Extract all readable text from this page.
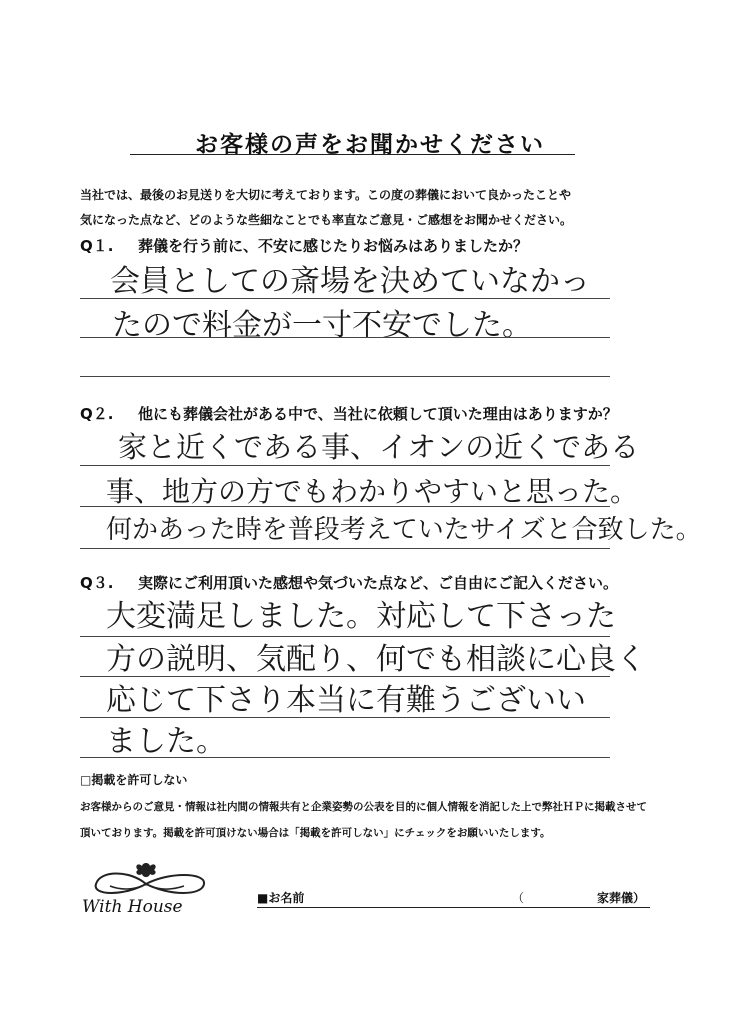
お客様の声をお聞かせください
当社では、最後のお見送りを大切に考えております。この度の葬儀において良かったことや
気になった点など、どのような些細なことでも率直なご意見・ご感想をお聞かせください。
Q１. 葬儀を行う前に、不安に感じたりお悩みはありましたか？
会員としての斎場を決めていなかっ
たので料金が一寸不安でした。
Q２. 他にも葬儀会社がある中で、当社に依頼して頂いた理由はありますか？
家と近くである事、イオンの近くである
事、地方の方でもわかりやすいと思った。
何かあった時を普段考えていたサイズと合致した。
Q３. 実際にご利用頂いた感想や気づいた点など、ご自由にご記入ください。
大変満足しました。対応して下さった
方の説明、気配り、何でも相談に心良く
応じて下さり本当に有難うございい
ました。
□掲載を許可しない
お客様からのご意見・情報は社内間の情報共有と企業姿勢の公表を目的に個人情報を消記した上で弊社ＨＰに掲載させて
頂いております。掲載を許可頂けない場合は「掲載を許可しない」にチェックをお願いいたします。
With House	■お名前	（	家葬儀）
